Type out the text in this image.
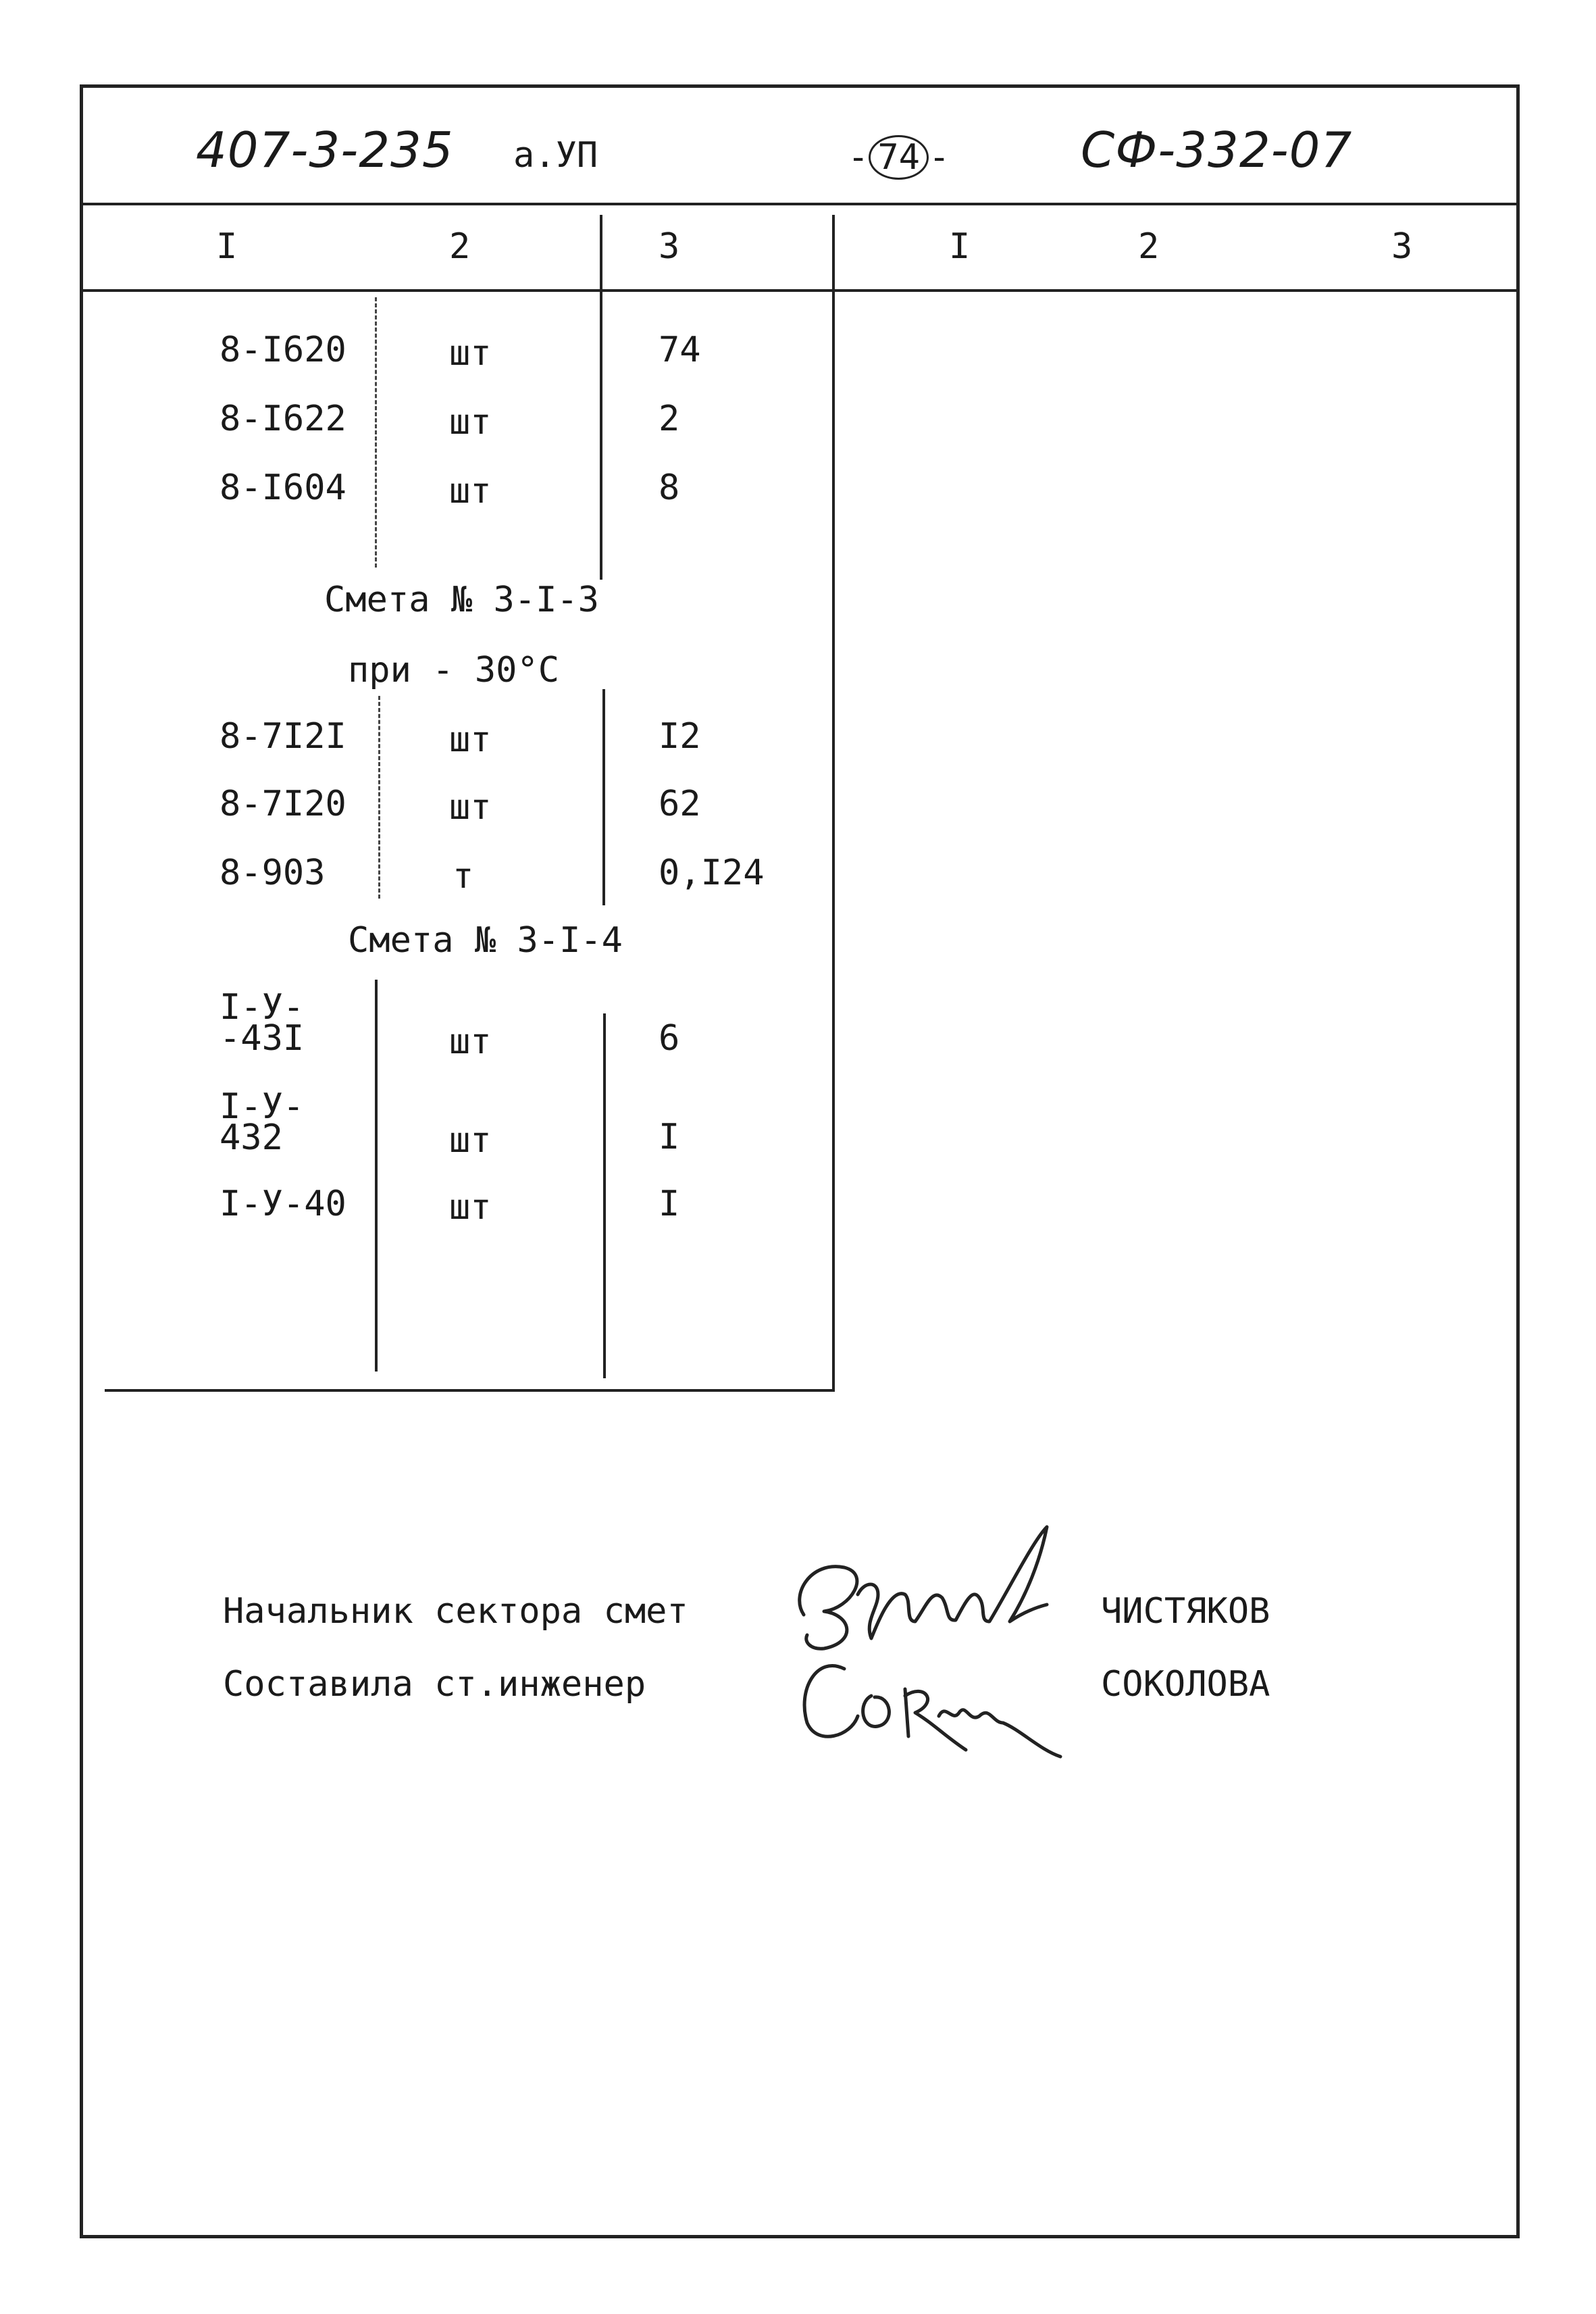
407-3-235 а.УП	- 74 -	СФ-332-07
I	2	3	I	2	3
8-I620	шт	74
8-I622	шт	2
8-I604	шт	8
Смета № 3-I-3
при - 30°С
8-7I2I	шт	I2
8-7I20	шт	62
8-903	т	0,I24
Смета № 3-I-4
I-У-
-43I	шт	6
I-У-
432	шт	I
I-У-40	шт	I
Начальник сектора смет	ЧИСТЯКОВ
Составила ст.инженер	СОКОЛОВА
